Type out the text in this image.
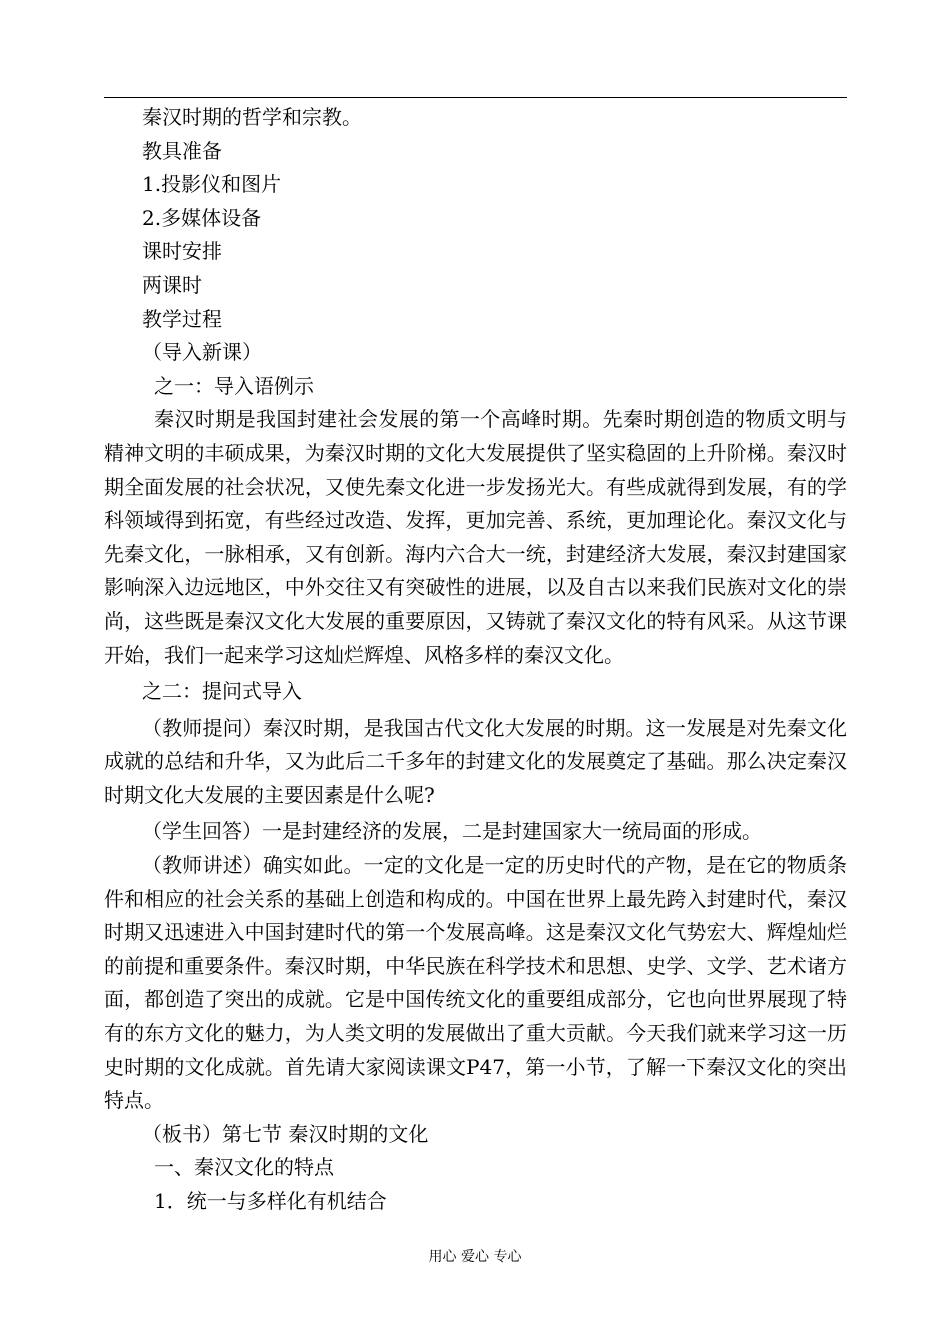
秦汉时期的哲学和宗教。
教具准备
1.投影仪和图片
2.多媒体设备
课时安排
两课时
教学过程
（导入新课）
之一：导入语例示
秦汉时期是我国封建社会发展的第一个高峰时期。先秦时期创造的物质文明与精神文明的丰硕成果，为秦汉时期的文化大发展提供了坚实稳固的上升阶梯。秦汉时期全面发展的社会状况，又使先秦文化进一步发扬光大。有些成就得到发展，有的学科领域得到拓宽，有些经过改造、发挥，更加完善、系统，更加理论化。秦汉文化与先秦文化，一脉相承，又有创新。海内六合大一统，封建经济大发展，秦汉封建国家影响深入边远地区，中外交往又有突破性的进展，以及自古以来我们民族对文化的崇尚，这些既是秦汉文化大发展的重要原因，又铸就了秦汉文化的特有风采。从这节课开始，我们一起来学习这灿烂辉煌、风格多样的秦汉文化。
之二：提问式导入
（教师提问）秦汉时期，是我国古代文化大发展的时期。这一发展是对先秦文化成就的总结和升华，又为此后二千多年的封建文化的发展奠定了基础。那么决定秦汉时期文化大发展的主要因素是什么呢?
（学生回答）一是封建经济的发展，二是封建国家大一统局面的形成。
（教师讲述）确实如此。一定的文化是一定的历史时代的产物，是在它的物质条件和相应的社会关系的基础上创造和构成的。中国在世界上最先跨入封建时代，秦汉时期又迅速进入中国封建时代的第一个发展高峰。这是秦汉文化气势宏大、辉煌灿烂的前提和重要条件。秦汉时期，中华民族在科学技术和思想、史学、文学、艺术诸方面，都创造了突出的成就。它是中国传统文化的重要组成部分，它也向世界展现了特有的东方文化的魅力，为人类文明的发展做出了重大贡献。今天我们就来学习这一历史时期的文化成就。首先请大家阅读课文P47，第一小节，了解一下秦汉文化的突出特点。
（板书）第七节 秦汉时期的文化
一、秦汉文化的特点
1．统一与多样化有机结合
用心 爱心 专心
